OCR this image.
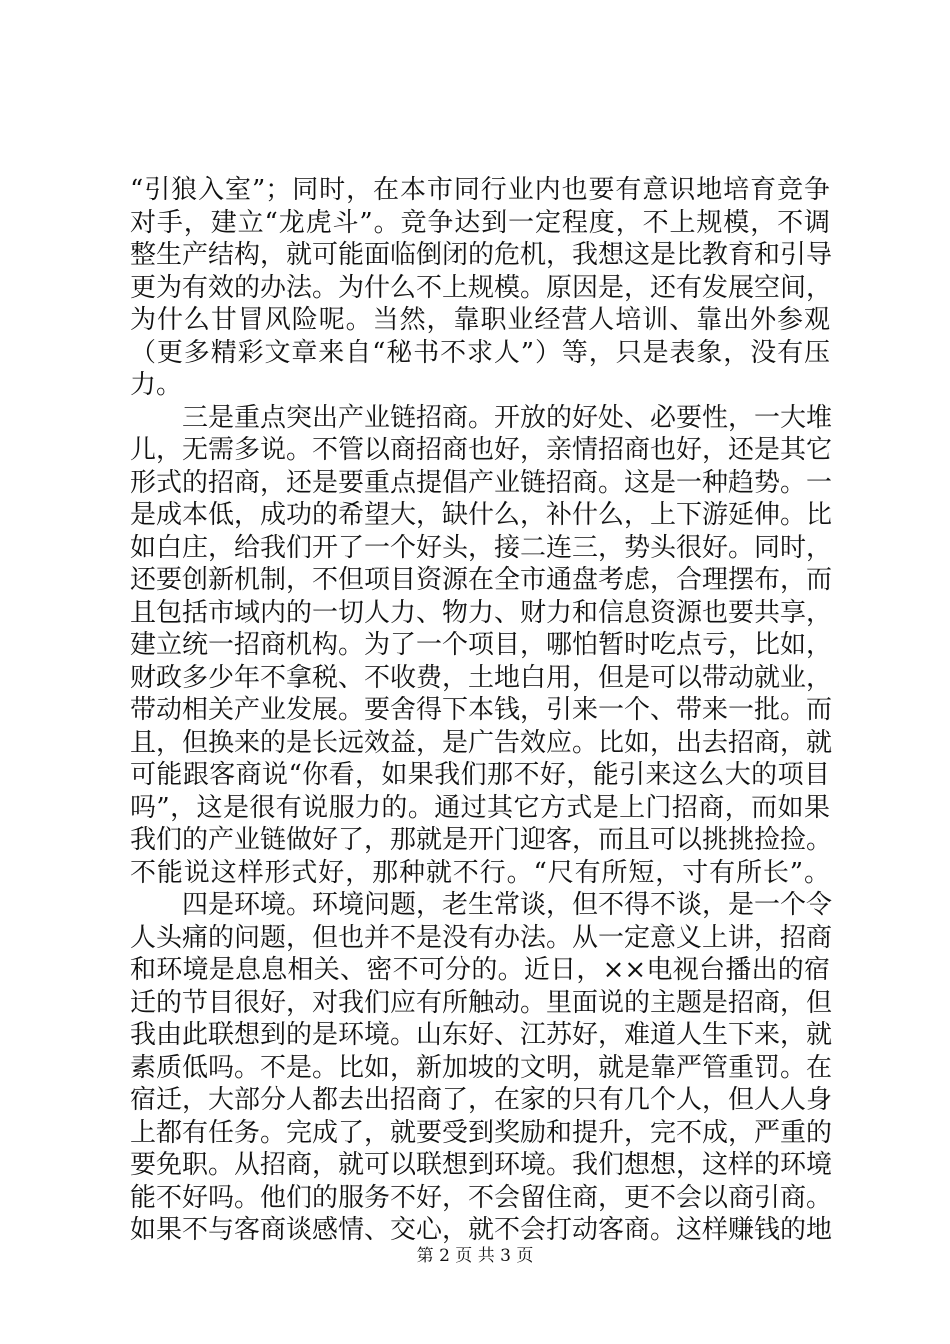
“引狼入室”；同时，在本市同行业内也要有意识地培育竞争
对手，建立“龙虎斗”。竞争达到一定程度，不上规模，不调
整生产结构，就可能面临倒闭的危机，我想这是比教育和引导
更为有效的办法。为什么不上规模。原因是，还有发展空间，
为什么甘冒风险呢。当然，靠职业经营人培训、靠出外参观
（更多精彩文章来自“秘书不求人”）等，只是表象，没有压
力。
　　三是重点突出产业链招商。开放的好处、必要性，一大堆
儿，无需多说。不管以商招商也好，亲情招商也好，还是其它
形式的招商，还是要重点提倡产业链招商。这是一种趋势。一
是成本低，成功的希望大，缺什么，补什么，上下游延伸。比
如白庄，给我们开了一个好头，接二连三，势头很好。同时，
还要创新机制，不但项目资源在全市通盘考虑，合理摆布，而
且包括市域内的一切人力、物力、财力和信息资源也要共享，
建立统一招商机构。为了一个项目，哪怕暂时吃点亏，比如，
财政多少年不拿税、不收费，土地白用，但是可以带动就业，
带动相关产业发展。要舍得下本钱，引来一个、带来一批。而
且，但换来的是长远效益，是广告效应。比如，出去招商，就
可能跟客商说“你看，如果我们那不好，能引来这么大的项目
吗”，这是很有说服力的。通过其它方式是上门招商，而如果
我们的产业链做好了，那就是开门迎客，而且可以挑挑捡捡。
不能说这样形式好，那种就不行。“尺有所短，寸有所长”。
　　四是环境。环境问题，老生常谈，但不得不谈，是一个令
人头痛的问题，但也并不是没有办法。从一定意义上讲，招商
和环境是息息相关、密不可分的。近日，××电视台播出的宿
迁的节目很好，对我们应有所触动。里面说的主题是招商，但
我由此联想到的是环境。山东好、江苏好，难道人生下来，就
素质低吗。不是。比如，新加坡的文明，就是靠严管重罚。在
宿迁，大部分人都去出招商了，在家的只有几个人，但人人身
上都有任务。完成了，就要受到奖励和提升，完不成，严重的
要免职。从招商，就可以联想到环境。我们想想，这样的环境
能不好吗。他们的服务不好，不会留住商，更不会以商引商。
如果不与客商谈感情、交心，就不会打动客商。这样赚钱的地
第 2 页 共 3 页
